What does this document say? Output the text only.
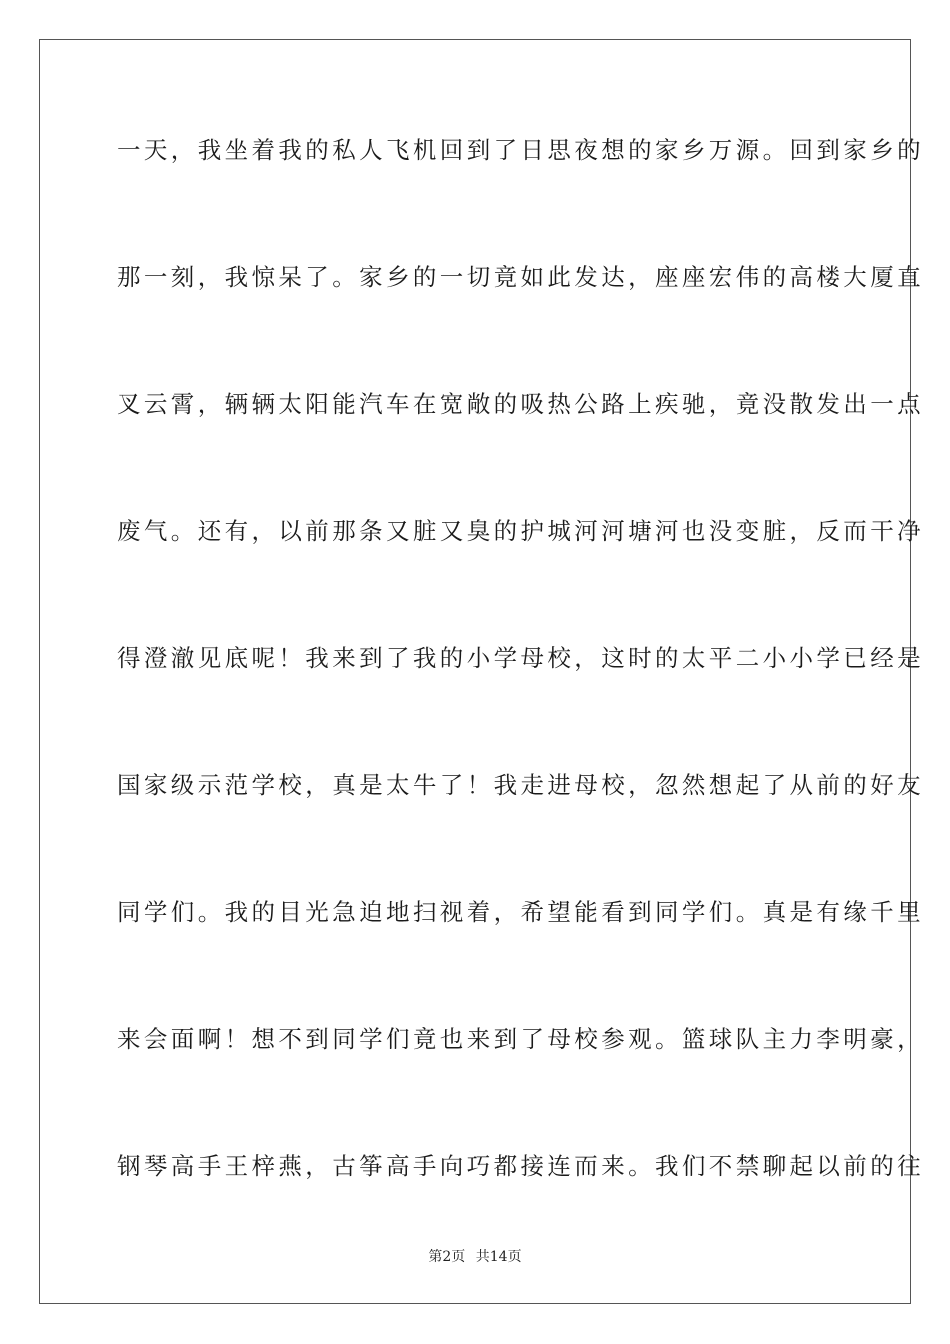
一天，我坐着我的私人飞机回到了日思夜想的家乡万源。回到家乡的
那一刻，我惊呆了。家乡的一切竟如此发达，座座宏伟的高楼大厦直
叉云霄，辆辆太阳能汽车在宽敞的吸热公路上疾驰，竟没散发出一点
废气。还有，以前那条又脏又臭的护城河河塘河也没变脏，反而干净
得澄澈见底呢！我来到了我的小学母校，这时的太平二小小学已经是
国家级示范学校，真是太牛了！我走进母校，忽然想起了从前的好友
同学们。我的目光急迫地扫视着，希望能看到同学们。真是有缘千里
来会面啊！想不到同学们竟也来到了母校参观。篮球队主力李明豪，
钢琴高手王梓燕，古筝高手向巧都接连而来。我们不禁聊起以前的往
第2页 共14页
